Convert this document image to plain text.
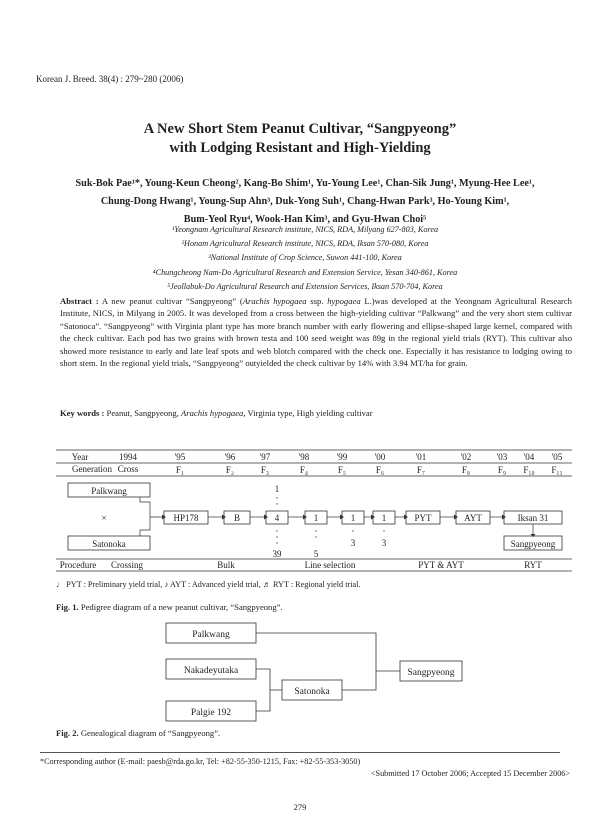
Korean J. Breed. 38(4) : 279~280 (2006)
A New Short Stem Peanut Cultivar, “Sangpyeong”
with Lodging Resistant and High-Yielding
Suk-Bok Pae¹*, Young-Keun Cheong², Kang-Bo Shim¹, Yu-Young Lee¹, Chan-Sik Jung¹, Myung-Hee Lee¹,
Chung-Dong Hwang¹, Young-Sup Ahn³, Duk-Yong Suh¹, Chang-Hwan Park³, Ho-Young Kim¹,
Bum-Yeol Ryu⁴, Wook-Han Kim³, and Gyu-Hwan Choi⁵
¹Yeongnam Agricultural Research institute, NICS, RDA, Milyang 627-803, Korea
²Honam Agricultural Research institute, NICS, RDA, Iksan 570-080, Korea
³National Institute of Crop Science, Suwon 441-100, Korea
⁴Chungcheong Nam-Do Agricultural Research and Extension Service, Yesan 340-861, Korea
⁵Jeollabuk-Do Agricultural Research and Extension Services, Iksan 570-704, Korea
Abstract : A new peanut cultivar “Sangpyeong” (Arachis hypogaea ssp. hypogaea L.)was developed at the Yeongnam Agricultural Research Institute, NICS, in Milyang in 2005. It was developed from a cross between the high-yielding cultivar “Palkwang” and the very short stem cultivar “Satonoca”. “Sangpyeong” with Virginia plant type has more branch number with early flowering and ellipse-shaped large kernel, compared with the check cultivar. Each pod has two grains with brown testa and 100 seed weight was 89g in the regional yield trials (RYT). This cultivar also showed more resistance to early and late leaf spots and web blotch compared with the check one. Especially it has resistance to lodging owing to short stem. In the regional yield trials, “Sangpyeong” outyielded the check cultivar by 14% with 3.94 MT/ha for grain.
Key words : Peanut, Sangpyeong, Arachis hypogaea, Virginia type, High yielding cultivar
Year	1994	'95	'96	'97	'98	'99	'00	'01	'02	'03 '04 '05
Generation Cross	F₁	F₂	F₃	F₄	F₅	F₆	F₇	F₈	F₉ F₁₀ F₁₁
Palkwang
Satonoka
×	HP178	B	4	1	1	1	PYT	AYT	Iksan 31
Sangpyeong
1
39	5
3	3
Procedure Crossing	Bulk	Line selection	PYT & AYT	RYT
♩ PYT : Preliminary yield trial, ♪ AYT : Advanced yield trial, ♬ RYT : Regional yield trial.
Fig. 1. Pedigree diagram of a new peanut cultivar, “Sangpyeong”.
Palkwang
Nakadeyutaka
Palgie 192
Satonoka
Sangpyeong
Fig. 2. Genealogical diagram of “Sangpyeong”.
*Corresponding author (E-mail: paesb@rda.go.kr, Tel: +82-55-350-1215, Fax: +82-55-353-3050)
<Submitted 17 October 2006; Accepted 15 December 2006>
279
